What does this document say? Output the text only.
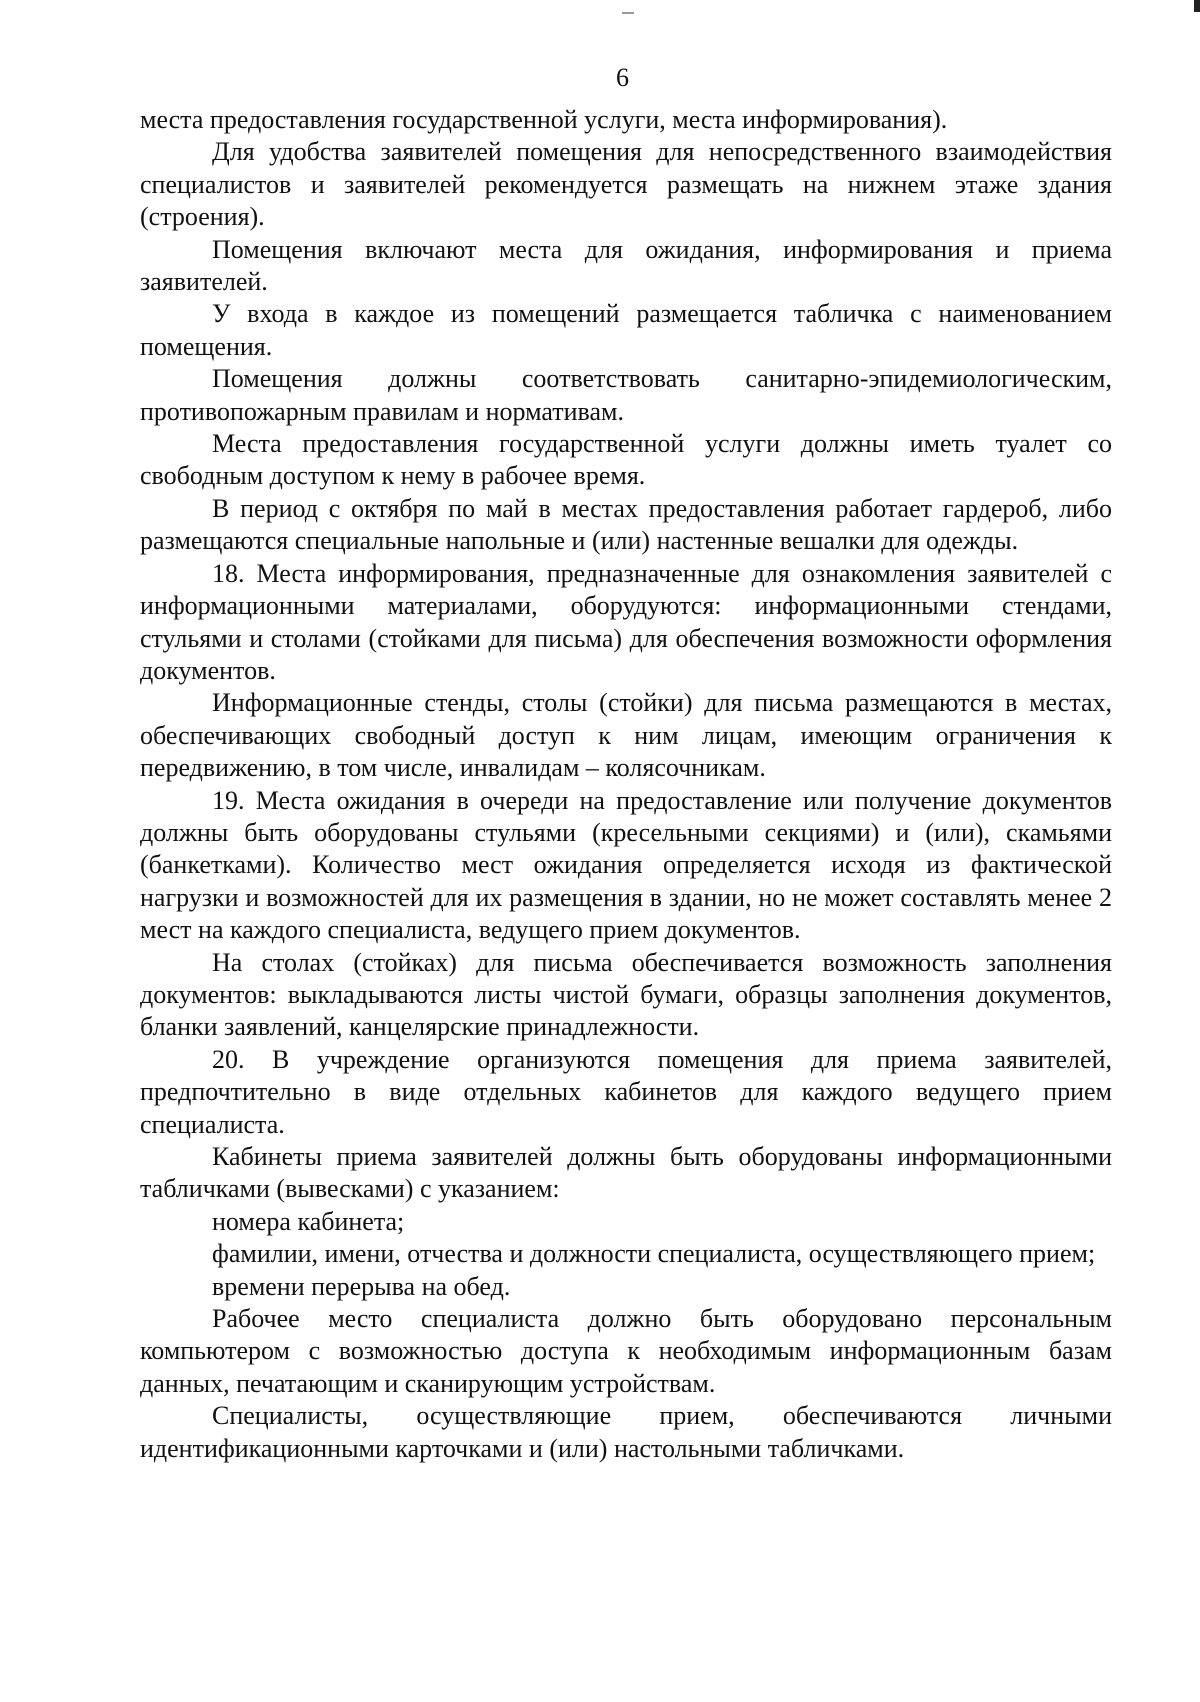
6

места предоставления государственной услуги, места информирования).

Для удобства заявителей помещения для непосредственного взаимодействия специалистов и заявителей рекомендуется размещать на нижнем этаже здания (строения).

Помещения включают места для ожидания, информирования и приема заявителей.

У входа в каждое из помещений размещается табличка с наименованием помещения.

Помещения должны соответствовать санитарно-эпидемиологическим, противопожарным правилам и нормативам.

Места предоставления государственной услуги должны иметь туалет со свободным доступом к нему в рабочее время.

В период с октября по май в местах предоставления работает гардероб, либо размещаются специальные напольные и (или) настенные вешалки для одежды.

18. Места информирования, предназначенные для ознакомления заявителей с информационными материалами, оборудуются: информационными стендами, стульями и столами (стойками для письма) для обеспечения возможности оформления документов.

Информационные стенды, столы (стойки) для письма размещаются в местах, обеспечивающих свободный доступ к ним лицам, имеющим ограничения к передвижению, в том числе, инвалидам – колясочникам.

19. Места ожидания в очереди на предоставление или получение документов должны быть оборудованы стульями (кресельными секциями) и (или), скамьями (банкетками). Количество мест ожидания определяется исходя из фактической нагрузки и возможностей для их размещения в здании, но не может составлять менее 2 мест на каждого специалиста, ведущего прием документов.

На столах (стойках) для письма обеспечивается возможность заполнения документов: выкладываются листы чистой бумаги, образцы заполнения документов, бланки заявлений, канцелярские принадлежности.

20. В учреждение организуются помещения для приема заявителей, предпочтительно в виде отдельных кабинетов для каждого ведущего прием специалиста.

Кабинеты приема заявителей должны быть оборудованы информационными табличками (вывесками) с указанием:

номера кабинета;

фамилии, имени, отчества и должности специалиста, осуществляющего прием;

времени перерыва на обед.

Рабочее место специалиста должно быть оборудовано персональным компьютером с возможностью доступа к необходимым информационным базам данных, печатающим и сканирующим устройствам.

Специалисты, осуществляющие прием, обеспечиваются личными идентификационными карточками и (или) настольными табличками.
